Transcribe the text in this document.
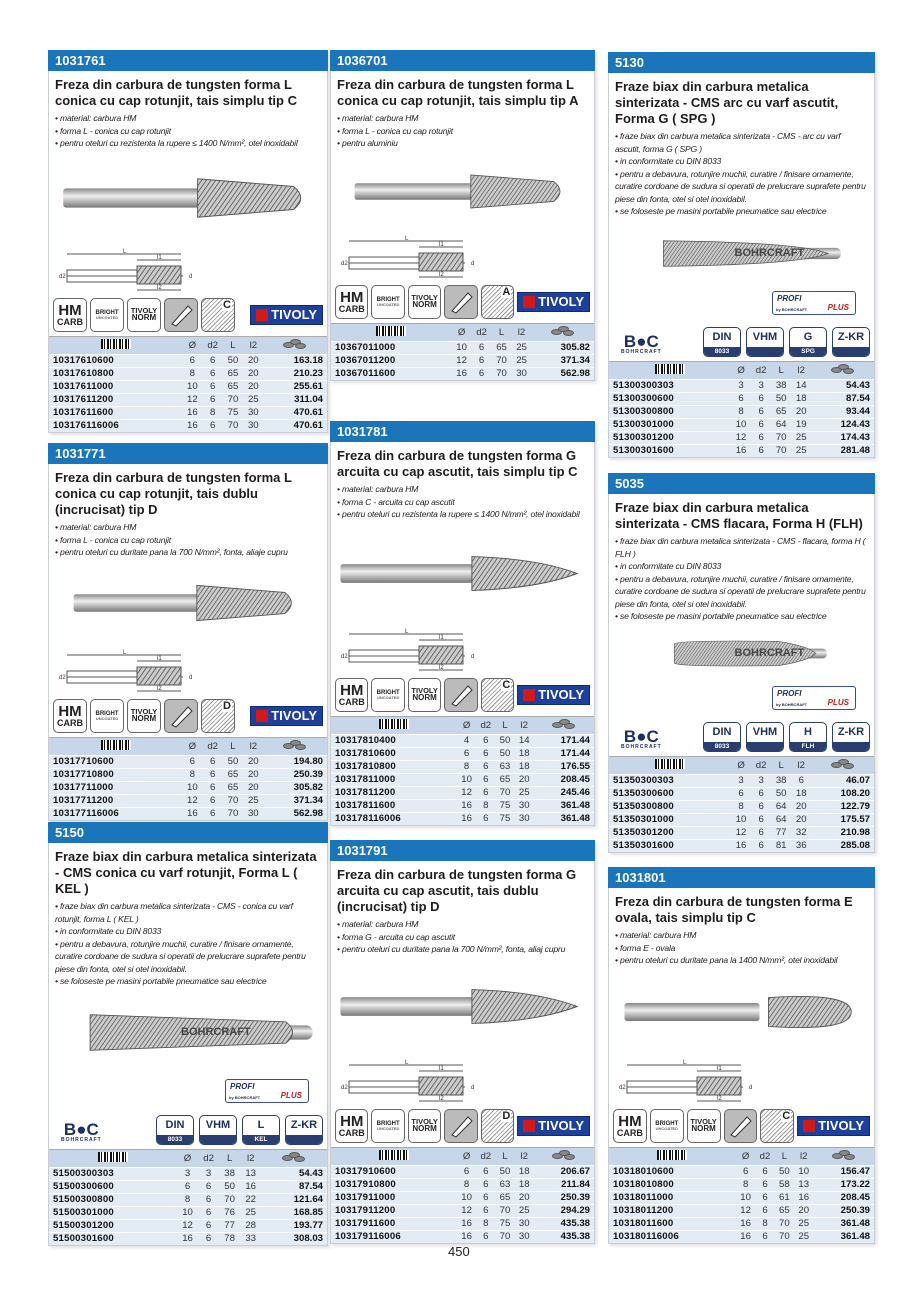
1031761
Freza din carbura de tungsten forma L conica cu cap rotunjit, tais simplu tip C
• material: carbura HM
• forma L - conica cu cap rotunjit
• pentru oteluri cu rezistenta la rupere ≤ 1400 N/mm², otel inoxidabil
L
l1
l2
d2	d
HM
CARB
BRIGHT
UNCOATED
TIVOLY
NORM
C
TIVOLY
	Ø	d2	L	l2	

10317610600	6	6	50	20	163.18
10317610800	8	6	65	20	210.23
10317611000	10	6	65	20	255.61
10317611200	12	6	70	25	311.04
10317611600	16	8	75	30	470.61
103176116006	16	6	70	30	470.61
1031771
Freza din carbura de tungsten forma L conica cu cap rotunjit, tais dublu (incrucisat) tip D
• material: carbura HM
• forma L - conica cu cap rotunjit
• pentru oteluri cu duritate pana la 700 N/mm², fonta, aliaje cupru
L
l1
l2
d2	d
HM
CARB
BRIGHT
UNCOATED
TIVOLY
NORM
D
TIVOLY
	Ø	d2	L	l2	

10317710600	6	6	50	20	194.80
10317710800	8	6	65	20	250.39
10317711000	10	6	65	20	305.82
10317711200	12	6	70	25	371.34
103177116006	16	6	70	30	562.98
5150
Fraze biax din carbura metalica sinterizata - CMS conica cu varf rotunjit, Forma L ( KEL )
• fraze biax din carbura metalica sinterizata - CMS - conica cu varf rotunjit, forma L ( KEL )
• in conformitate cu DIN 8033
• pentru a debavura, rotunjire muchii, curatire / finisare ornamente, curatire cordoane de sudura si operatii de prelucrare suprafete pentru piese din fonta, otel si otel inoxidabil.
• se foloseste pe masini portabile pneumatice sau electrice
BOHRCRAFT
PROFI
PLUS
by BOHRCRAFT
B●C
BOHRCRAFT
DIN
8033
VHM	L
KEL
Z-KR
	Ø	d2	L	l2	

51500300303	3	3	38	13	54.43
51500300600	6	6	50	16	87.54
51500300800	8	6	70	22	121.64
51500301000	10	6	76	25	168.85
51500301200	12	6	77	28	193.77
51500301600	16	6	78	33	308.03
1036701
Freza din carbura de tungsten forma L conica cu cap rotunjit, tais simplu tip A
• material: carbura HM
• forma L - conica cu cap rotunjit
• pentru aluminiu
L
l1
l2
d2	d
HM
CARB
BRIGHT
UNCOATED
TIVOLY
NORM
A
TIVOLY
	Ø	d2	L	l2	

10367011000	10	6	65	25	305.82
10367011200	12	6	70	25	371.34
10367011600	16	6	70	30	562.98
1031781
Freza din carbura de tungsten forma G arcuita cu cap ascutit, tais simplu tip C
• material: carbura HM
• forma C - arcuita cu cap ascutit
• pentru oteluri cu rezistenta la rupere ≤ 1400 N/mm², otel inoxidabil
L
l1
l2
d2	d
HM
CARB
BRIGHT
UNCOATED
TIVOLY
NORM
C
TIVOLY
	Ø	d2	L	l2	

10317810400	4	6	50	14	171.44
10317810600	6	6	50	18	171.44
10317810800	8	6	63	18	176.55
10317811000	10	6	65	20	208.45
10317811200	12	6	70	25	245.46
10317811600	16	8	75	30	361.48
103178116006	16	6	75	30	361.48
1031791
Freza din carbura de tungsten forma G arcuita cu cap ascutit, tais dublu (incrucisat) tip D
• material: carbura HM
• forma G - arcuita cu cap ascutit
• pentru oteluri cu duritate pana la 700 N/mm², fonta, aliaj cupru
L
l1
l2
d2	d
HM
CARB
BRIGHT
UNCOATED
TIVOLY
NORM
D
TIVOLY
	Ø	d2	L	l2	

10317910600	6	6	50	18	206.67
10317910800	8	6	63	18	211.84
10317911000	10	6	65	20	250.39
10317911200	12	6	70	25	294.29
10317911600	16	8	75	30	435.38
103179116006	16	6	70	30	435.38
5130
Fraze biax din carbura metalica sinterizata - CMS arc cu varf ascutit, Forma G ( SPG )
• fraze biax din carbura metalica sinterizata - CMS - arc cu varf ascutit, forma G ( SPG )
• in conformitate cu DIN 8033
• pentru a debavura, rotunjire muchii, curatire / finisare ornamente, curatire cordoane de sudura si operatii de prelucrare suprafete pentru piese din fonta, otel si otel inoxidabil.
• se foloseste pe masini portabile pneumatice sau electrice
BOHRCRAFT
PROFI
PLUS
by BOHRCRAFT
B●C
BOHRCRAFT
DIN
8033
VHM	G
SPG
Z-KR
	Ø	d2	L	l2	

51300300303	3	3	38	14	54.43
51300300600	6	6	50	18	87.54
51300300800	8	6	65	20	93.44
51300301000	10	6	64	19	124.43
51300301200	12	6	70	25	174.43
51300301600	16	6	70	25	281.48
5035
Fraze biax din carbura metalica sinterizata - CMS flacara, Forma H (FLH)
• fraze biax din carbura metalica sinterizata - CMS - flacara, forma H ( FLH )
• in conformitate cu DIN 8033
• pentru a debavura, rotunjire muchii, curatire / finisare ornamente, curatire cordoane de sudura si operatii de prelucrare suprafete pentru piese din fonta, otel si otel inoxidabil.
• se foloseste pe masini portabile pneumatice sau electrice
BOHRCRAFT
PROFI
PLUS
by BOHRCRAFT
B●C
BOHRCRAFT
DIN
8033
VHM	H
FLH
Z-KR
	Ø	d2	L	l2	

51350300303	3	3	38	6	46.07
51350300600	6	6	50	18	108.20
51350300800	8	6	64	20	122.79
51350301000	10	6	64	20	175.57
51350301200	12	6	77	32	210.98
51350301600	16	6	81	36	285.08
1031801
Freza din carbura de tungsten forma E ovala, tais simplu tip C
• material: carbura HM
• forma E - ovala
• pentru oteluri cu duritate pana la 1400 N/mm², otel inoxidabil
L
l1
l2
d2	d
HM
CARB
BRIGHT
UNCOATED
TIVOLY
NORM
C
TIVOLY
	Ø	d2	L	l2	

10318010600	6	6	50	10	156.47
10318010800	8	6	58	13	173.22
10318011000	10	6	61	16	208.45
10318011200	12	6	65	20	250.39
10318011600	16	8	70	25	361.48
103180116006	16	6	70	25	361.48
450
